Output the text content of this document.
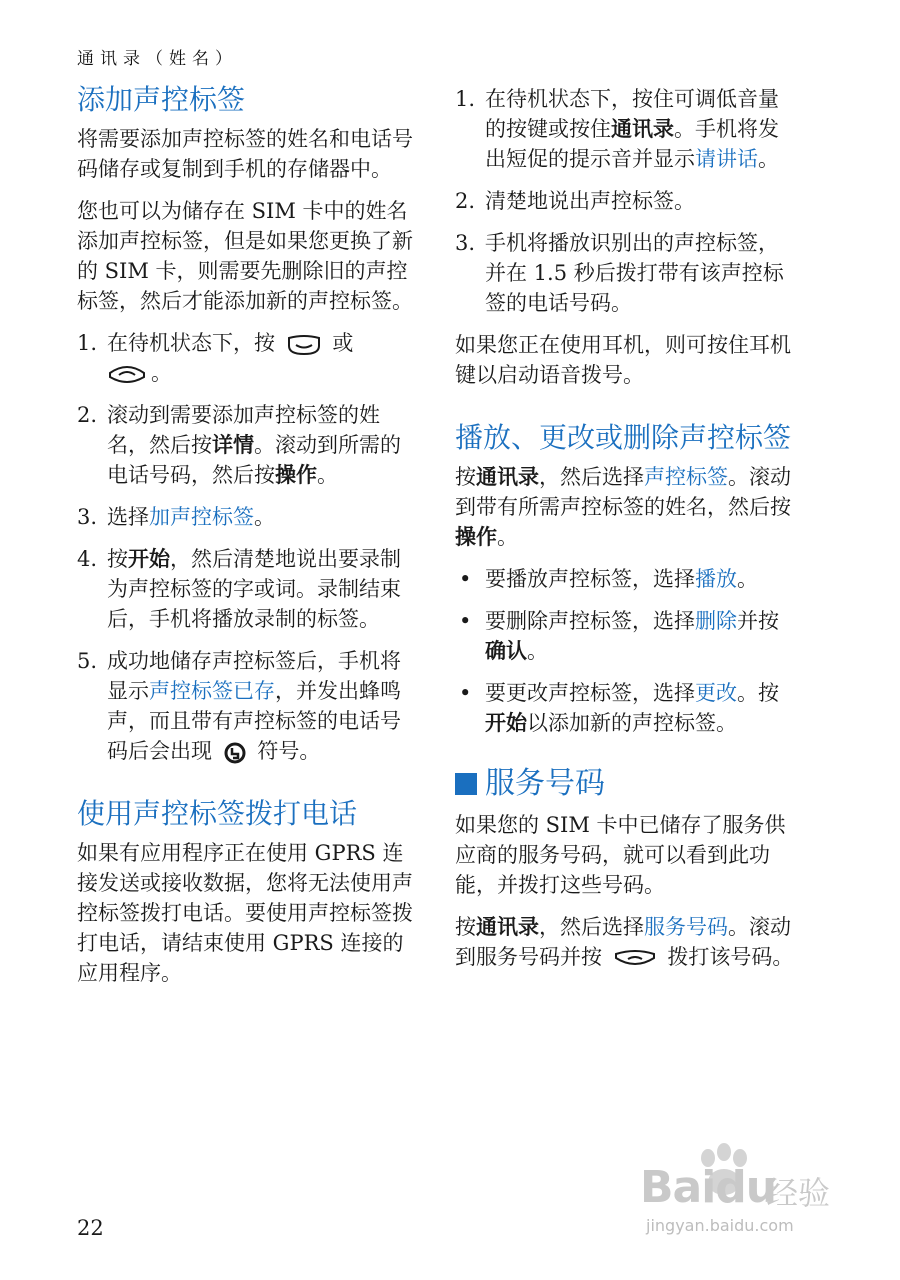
通讯录（姓名）
添加声控标签

将需要添加声控标签的姓名和电话号码储存或复制到手机的存储器中。

您也可以为储存在 SIM 卡中的姓名添加声控标签，但是如果您更换了新的 SIM 卡，则需要先删除旧的声控标签，然后才能添加新的声控标签。

1. 在待机状态下，按	或
。
2. 滚动到需要添加声控标签的姓名，然后按详情。滚动到所需的电话号码，然后按操作。
3. 选择加声控标签。
4. 按开始，然后清楚地说出要录制为声控标签的字或词。录制结束后，手机将播放录制的标签。
5. 成功地储存声控标签后，手机将显示声控标签已存，并发出蜂鸣声，而且带有声控标签的电话号码后会出现 符号。
使用声控标签拨打电话

如果有应用程序正在使用 GPRS 连接发送或接收数据，您将无法使用声控标签拨打电话。要使用声控标签拨打电话，请结束使用 GPRS 连接的应用程序。

1. 在待机状态下，按住可调低音量的按键或按住通讯录。手机将发出短促的提示音并显示请讲话。
2. 清楚地说出声控标签。
3. 手机将播放识别出的声控标签，并在 1.5 秒后拨打带有该声控标签的电话号码。

如果您正在使用耳机，则可按住耳机键以启动语音拨号。

播放、更改或删除声控标签

按通讯录，然后选择声控标签。滚动到带有所需声控标签的姓名，然后按操作。

• 要播放声控标签，选择播放。
• 要删除声控标签，选择删除并按确认。
• 要更改声控标签，选择更改。按开始以添加新的声控标签。
服务号码

如果您的 SIM 卡中已储存了服务供应商的服务号码，就可以看到此功能，并拨打这些号码。

按通讯录，然后选择服务号码。滚动到服务号码并按	拨打该号码。

22
Baidu
经验
jingyan.baidu.com
